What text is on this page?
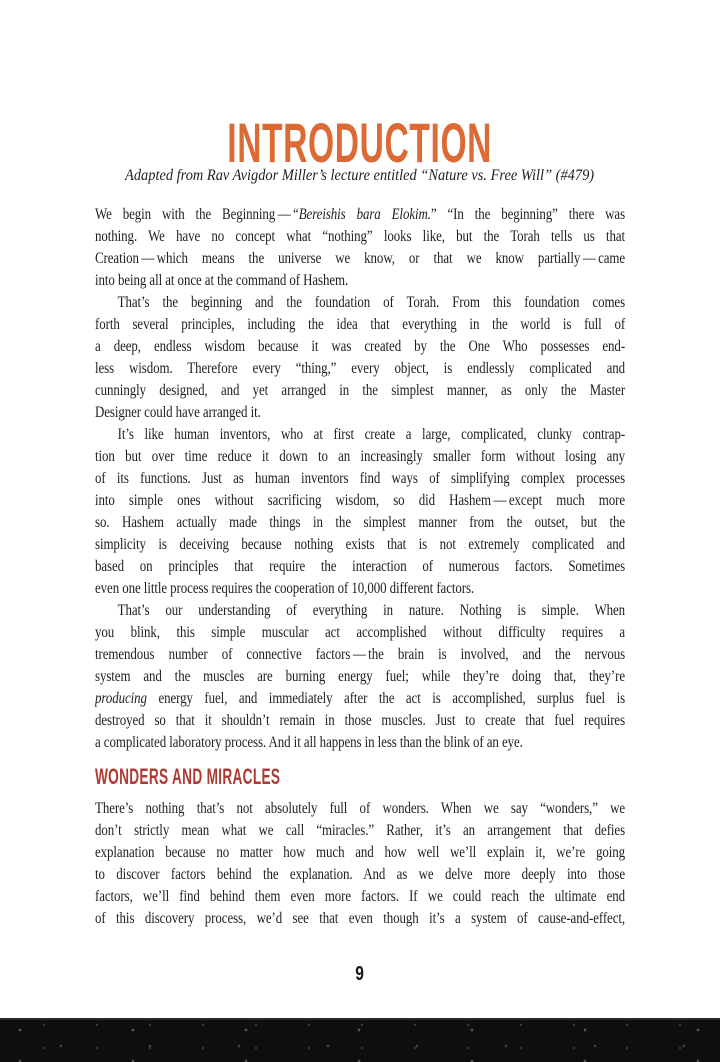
INTRODUCTION
Adapted from Rav Avigdor Miller’s lecture entitled “Nature vs. Free Will” (#479)

We begin with the Beginning — “Bereishis bara Elokim.” “In the beginning” there was
nothing. We have no concept what “nothing” looks like, but the Torah tells us that
Creation — which means the universe we know, or that we know partially — came
into being all at once at the command of Hashem.

That’s the beginning and the foundation of Torah. From this foundation comes
forth several principles, including the idea that everything in the world is full of
a deep, endless wisdom because it was created by the One Who possesses end-
less wisdom. Therefore every “thing,” every object, is endlessly complicated and
cunningly designed, and yet arranged in the simplest manner, as only the Master
Designer could have arranged it.

It’s like human inventors, who at first create a large, complicated, clunky contrap-
tion but over time reduce it down to an increasingly smaller form without losing any
of its functions. Just as human inventors find ways of simplifying complex processes
into simple ones without sacrificing wisdom, so did Hashem — except much more
so. Hashem actually made things in the simplest manner from the outset, but the
simplicity is deceiving because nothing exists that is not extremely complicated and
based on principles that require the interaction of numerous factors. Sometimes
even one little process requires the cooperation of 10,000 different factors.

That’s our understanding of everything in nature. Nothing is simple. When
you blink, this simple muscular act accomplished without difficulty requires a
tremendous number of connective factors — the brain is involved, and the nervous
system and the muscles are burning energy fuel; while they’re doing that, they’re
producing energy fuel, and immediately after the act is accomplished, surplus fuel is
destroyed so that it shouldn’t remain in those muscles. Just to create that fuel requires
a complicated laboratory process. And it all happens in less than the blink of an eye.

WONDERS AND MIRACLES

There’s nothing that’s not absolutely full of wonders. When we say “wonders,” we
don’t strictly mean what we call “miracles.” Rather, it’s an arrangement that defies
explanation because no matter how much and how well we’ll explain it, we’re going
to discover factors behind the explanation. And as we delve more deeply into those
factors, we’ll find behind them even more factors. If we could reach the ultimate end
of this discovery process, we’d see that even though it’s a system of cause-and-effect,

9
